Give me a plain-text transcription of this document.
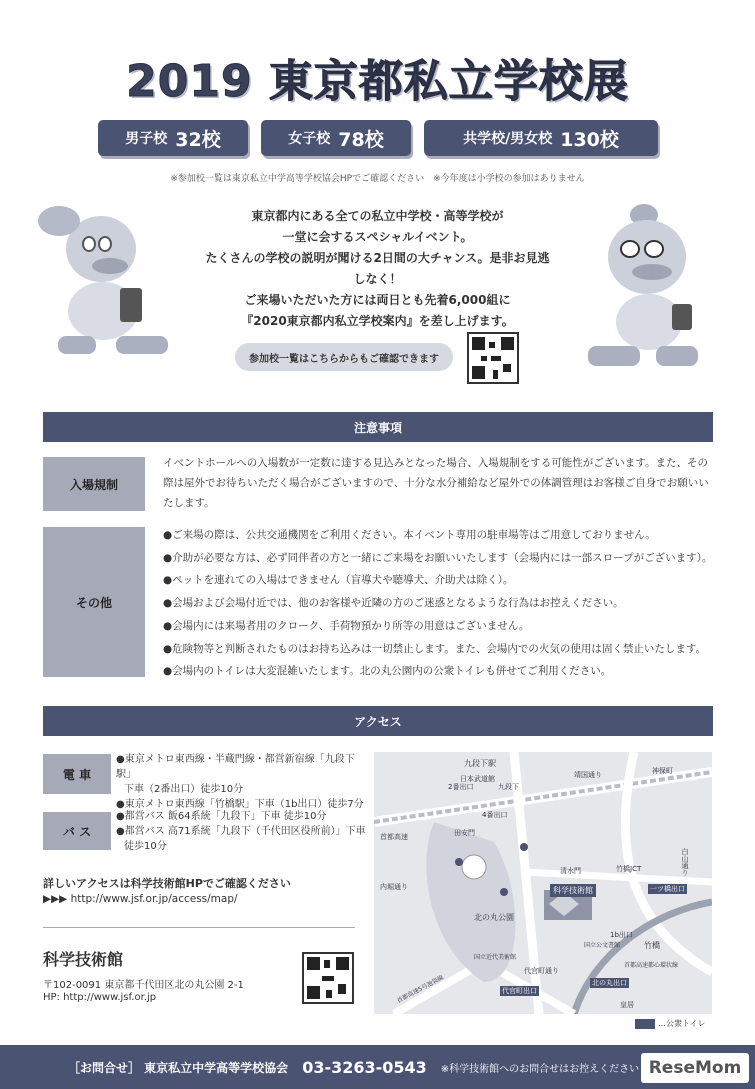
2019 東京都私立学校展
男子校 32校	女子校 78校	共学校/男女校 130校
※参加校一覧は東京私立中学高等学校協会HPでご確認ください　※今年度は小学校の参加はありません
東京都内にある全ての私立中学校・高等学校が
一堂に会するスペシャルイベント。
たくさんの学校の説明が聞ける2日間の大チャンス。是非お見逃しなく！
ご来場いただいた方には両日とも先着6,000組に
『2020東京都内私立学校案内』を差し上げます。
参加校一覧はこちらからもご確認できます
注意事項
入場規制
イベントホールへの入場数が一定数に達する見込みとなった場合、入場規制をする可能性がございます。また、その際は屋外でお待ちいただく場合がございますので、十分な水分補給など屋外での体調管理はお客様ご自身でお願いいたします。
その他
●ご来場の際は、公共交通機関をご利用ください。本イベント専用の駐車場等はご用意しておりません。
●介助が必要な方は、必ず同伴者の方と一緒にご来場をお願いいたします（会場内には一部スロープがございます）。
●ペットを連れての入場はできません（盲導犬や聴導犬、介助犬は除く）。
●会場および会場付近では、他のお客様や近隣の方のご迷惑となるような行為はお控えください。
●会場内には来場者用のクローク、手荷物預かり所等の用意はございません。
●危険物等と判断されたものはお持ち込みは一切禁止します。また、会場内での火気の使用は固く禁止いたします。
●会場内のトイレは大変混雑いたします。北の丸公園内の公衆トイレも併せてご利用ください。
アクセス
電 車
●東京メトロ東西線・半蔵門線・都営新宿線「九段下駅」
下車（2番出口）徒歩10分
●東京メトロ東西線「竹橋駅」下車（1b出口）徒歩7分
バ ス
●都営バス 飯64系統「九段下」下車 徒歩10分
●都営バス 高71系統「九段下（千代田区役所前）」下車
徒歩10分
詳しいアクセスは科学技術館HPでご確認ください
▶▶▶ http://www.jsf.or.jp/access/map/
科学技術館
〒102-0091 東京都千代田区北の丸公園 2-1
HP: http://www.jsf.or.jp
九段下駅
日本武道館
2番出口	九段下
4番出口
田安門
首都高速
内堀通り
北の丸公園
科学技術館
清水門
竹橋
竹橋JCT
一ツ橋出口
白山通り
神保町
代官町通り
1b出口
北の丸出口
国立公文書館
国立近代美術館
代官町出口
靖国通り
首都高速5号池袋線
皇居
首都高速都心環状線
…公衆トイレ
［お問合せ］ 東京私立中学高等学校協会 03-3263-0543 ※科学技術館へのお問合せはお控えください ReseMom
